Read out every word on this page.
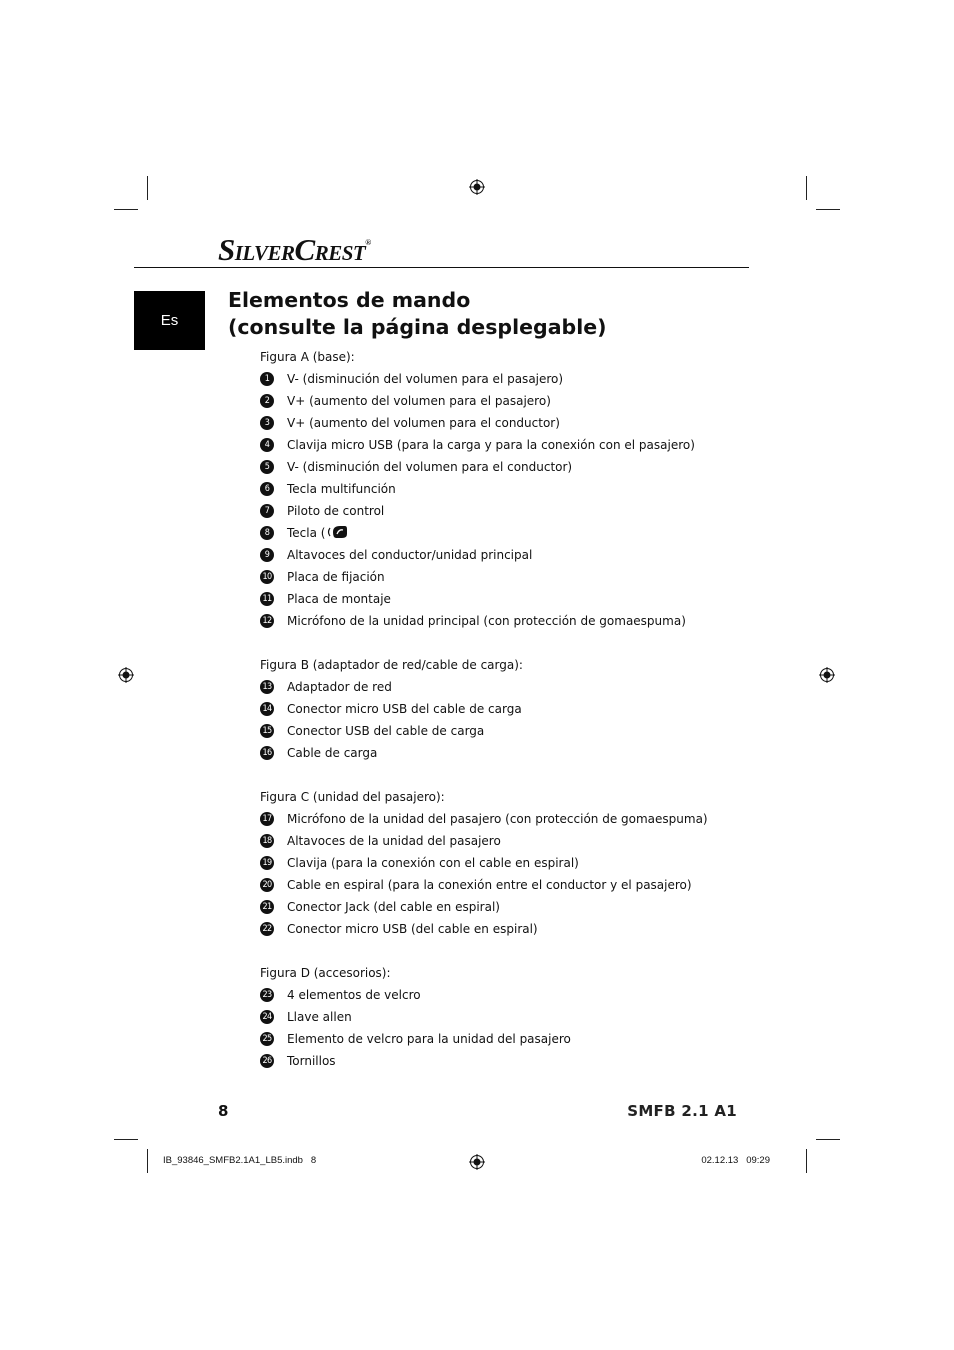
SILVERCREST®
Es
Elementos de mando
(consulte la página desplegable)
Figura A (base):
1	V- (disminución del volumen para el pasajero)
2	V+ (aumento del volumen para el pasajero)
3	V+ (aumento del volumen para el conductor)
4	Clavija micro USB (para la carga y para la conexión con el pasajero)
5	V- (disminución del volumen para el conductor)
6	Tecla multifunción
7	Piloto de control
8	Tecla (
9	Altavoces del conductor/unidad principal
10 Placa de fijación
11 Placa de montaje
12 Micrófono de la unidad principal (con protección de gomaespuma)
Figura B (adaptador de red/cable de carga):
13 Adaptador de red
14 Conector micro USB del cable de carga
15 Conector USB del cable de carga
16 Cable de carga
Figura C (unidad del pasajero):
17 Micrófono de la unidad del pasajero (con protección de gomaespuma)
18 Altavoces de la unidad del pasajero
19 Clavija (para la conexión con el cable en espiral)
20 Cable en espiral (para la conexión entre el conductor y el pasajero)
21 Conector Jack (del cable en espiral)
22 Conector micro USB (del cable en espiral)
Figura D (accesorios):
23 4 elementos de velcro
24 Llave allen
25 Elemento de velcro para la unidad del pasajero
26 Tornillos
8	SMFB 2.1 A1
IB_93846_SMFB2.1A1_LB5.indb   8	02.12.13   09:29
